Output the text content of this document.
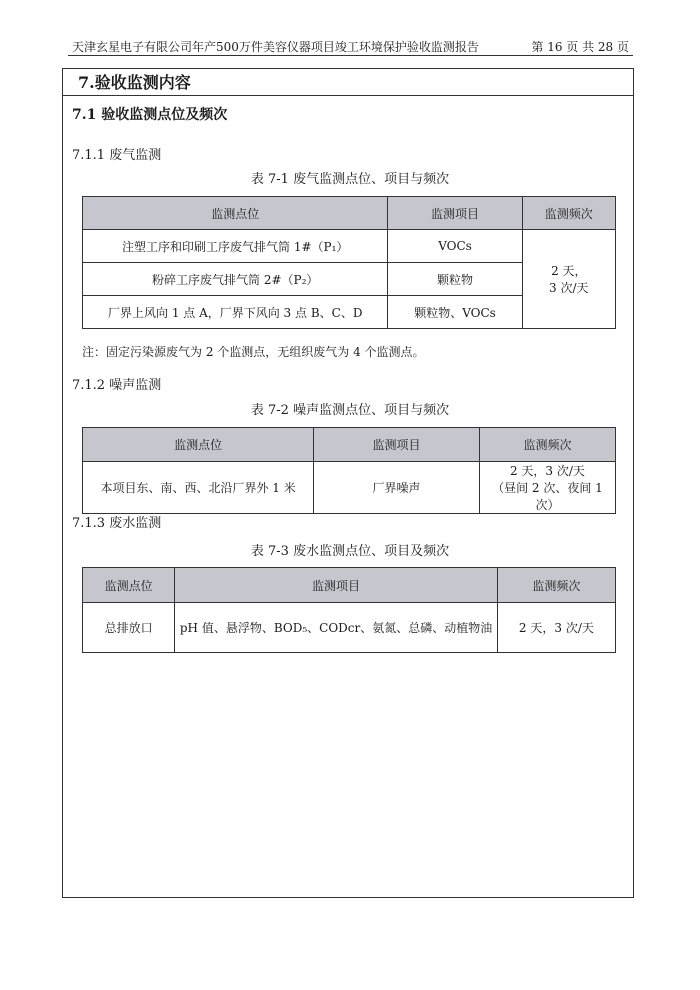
天津玄星电子有限公司年产500万件美容仪器项目竣工环境保护验收监测报告	第 16 页 共 28 页
7.验收监测内容
7.1 验收监测点位及频次
7.1.1 废气监测
表 7-1 废气监测点位、项目与频次
监测点位	监测项目	监测频次
注塑工序和印刷工序废气排气筒 1#（P₁）	VOCs	2 天，
3 次/天

粉碎工序废气排气筒 2#（P₂）	颗粒物	
厂界上风向 1 点 A，厂界下风向 3 点 B、C、D	颗粒物、VOCs	
注：固定污染源废气为 2 个监测点，无组织废气为 4 个监测点。
7.1.2 噪声监测
表 7-2 噪声监测点位、项目与频次
监测点位	监测项目	监测频次
本项目东、南、西、北沿厂界外 1 米	厂界噪声	2 天，3 次/天
（昼间 2 次、夜间 1 次）
7.1.3 废水监测
表 7-3 废水监测点位、项目及频次
监测点位	监测项目	监测频次
总排放口	pH 值、悬浮物、BOD₅、CODcr、氨氮、总磷、动植物油	2 天，3 次/天
